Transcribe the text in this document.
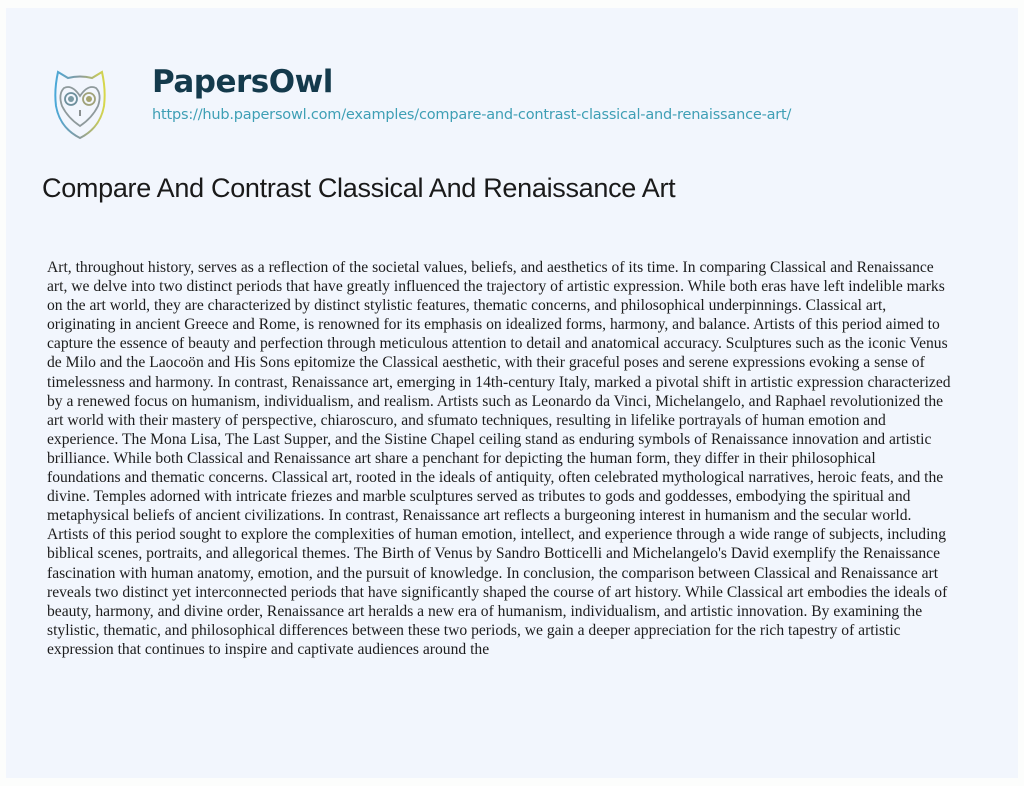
PapersOwl
https://hub.papersowl.com/examples/compare-and-contrast-classical-and-renaissance-art/
Compare And Contrast Classical And Renaissance Art
Art, throughout history, serves as a reflection of the societal values, beliefs, and aesthetics of its time. In comparing Classical and Renaissance
art, we delve into two distinct periods that have greatly influenced the trajectory of artistic expression. While both eras have left indelible marks
on the art world, they are characterized by distinct stylistic features, thematic concerns, and philosophical underpinnings. Classical art,
originating in ancient Greece and Rome, is renowned for its emphasis on idealized forms, harmony, and balance. Artists of this period aimed to
capture the essence of beauty and perfection through meticulous attention to detail and anatomical accuracy. Sculptures such as the iconic Venus
de Milo and the Laocoön and His Sons epitomize the Classical aesthetic, with their graceful poses and serene expressions evoking a sense of
timelessness and harmony. In contrast, Renaissance art, emerging in 14th-century Italy, marked a pivotal shift in artistic expression characterized
by a renewed focus on humanism, individualism, and realism. Artists such as Leonardo da Vinci, Michelangelo, and Raphael revolutionized the
art world with their mastery of perspective, chiaroscuro, and sfumato techniques, resulting in lifelike portrayals of human emotion and
experience. The Mona Lisa, The Last Supper, and the Sistine Chapel ceiling stand as enduring symbols of Renaissance innovation and artistic
brilliance. While both Classical and Renaissance art share a penchant for depicting the human form, they differ in their philosophical
foundations and thematic concerns. Classical art, rooted in the ideals of antiquity, often celebrated mythological narratives, heroic feats, and the
divine. Temples adorned with intricate friezes and marble sculptures served as tributes to gods and goddesses, embodying the spiritual and
metaphysical beliefs of ancient civilizations. In contrast, Renaissance art reflects a burgeoning interest in humanism and the secular world.
Artists of this period sought to explore the complexities of human emotion, intellect, and experience through a wide range of subjects, including
biblical scenes, portraits, and allegorical themes. The Birth of Venus by Sandro Botticelli and Michelangelo's David exemplify the Renaissance
fascination with human anatomy, emotion, and the pursuit of knowledge. In conclusion, the comparison between Classical and Renaissance art
reveals two distinct yet interconnected periods that have significantly shaped the course of art history. While Classical art embodies the ideals of
beauty, harmony, and divine order, Renaissance art heralds a new era of humanism, individualism, and artistic innovation. By examining the
stylistic, thematic, and philosophical differences between these two periods, we gain a deeper appreciation for the rich tapestry of artistic
expression that continues to inspire and captivate audiences around the
